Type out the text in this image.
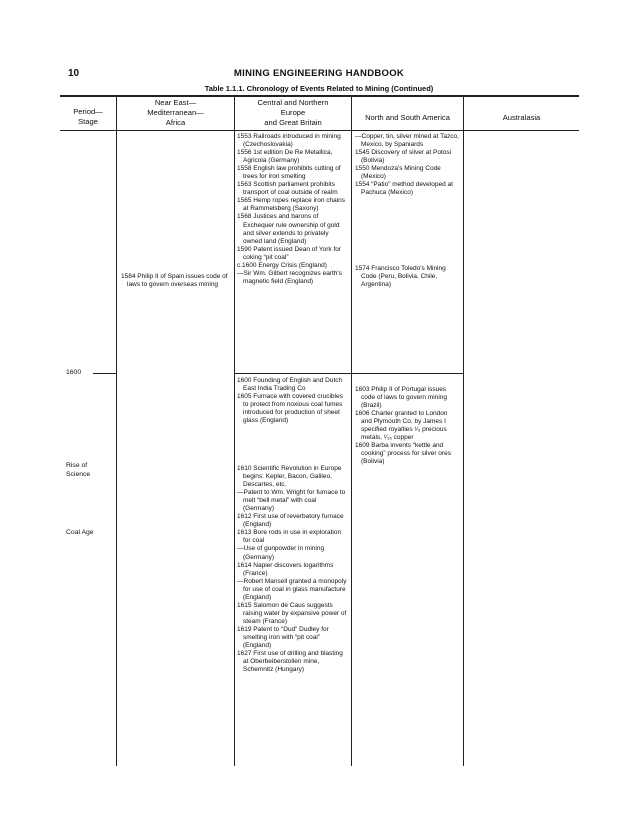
10	MINING ENGINEERING HANDBOOK
Table 1.1.1. Chronology of Events Related to Mining (Continued)
Period—
Stage
Near East—
Mediterranean—
Africa
Central and Northern
Europe
and Great Britain
North and South America	Australasia
1600
Rise of
Science
Coal Age
1584 Philip II of Spain issues code of laws to govern overseas mining
1553 Railroads introduced in mining (Czechoslovakia)
1556 1st edition De Re Metallica, Agricola (Germany)
1558 English law prohibits cutting of trees for iron smelting
1563 Scottish parliament prohibits transport of coal outside of realm
1565 Hemp ropes replace iron chains at Rammelsberg (Saxony)
1568 Justices and barons of Exchequer rule ownership of gold and silver extends to privately owned land (England)
1590 Patent issued Dean of York for coking “pit coal”
c.1600 Energy Crisis (England)
—Sir Wm. Gilbert recognizes earth's magnetic field (England)
—Copper, tin, silver mined at Tazco, Mexico, by Spaniards
1545 Discovery of silver at Potosi (Bolivia)
1550 Mendoza's Mining Code (Mexico)
1554 “Patio” method developed at Pachuca (Mexico)
1574 Francisco Toledo's Mining Code (Peru, Bolivia, Chile, Argentina)
1600 Founding of English and Dutch East India Trading Co
1605 Furnace with covered crucibles to protect from noxious coal fumes introduced for production of sheet glass (England)
1610 Scientific Revolution in Europe begins: Kepler, Bacon, Galileo, Descartes, etc.
—Patent to Wm. Wright for furnace to melt “bell metal” with coal (Germany)
1612 First use of reverbatory furnace (England)
1613 Bore rods in use in exploration for coal
—Use of gunpowder in mining (Germany)
1614 Napier discovers logarithms (France)
—Robert Mansell granted a monopoly for use of coal in glass manufacture (England)
1615 Salomon de Caus suggests raising water by expansive power of steam (France)
1619 Patent to “Dud” Dudley for smelting iron with “pit coal” (England)
1627 First use of drilling and blasting at Oberbeiberstollen mine, Schemnitz (Hungary)
1603 Philip II of Portugal issues code of laws to govern mining (Brazil)
1606 Charter granted to London and Plymouth Co. by James I specified royalties ¹⁄₅ precious metals, ¹⁄₁₅ copper
1609 Barba invents “kettle and cooking” process for silver ores (Bolivia)
